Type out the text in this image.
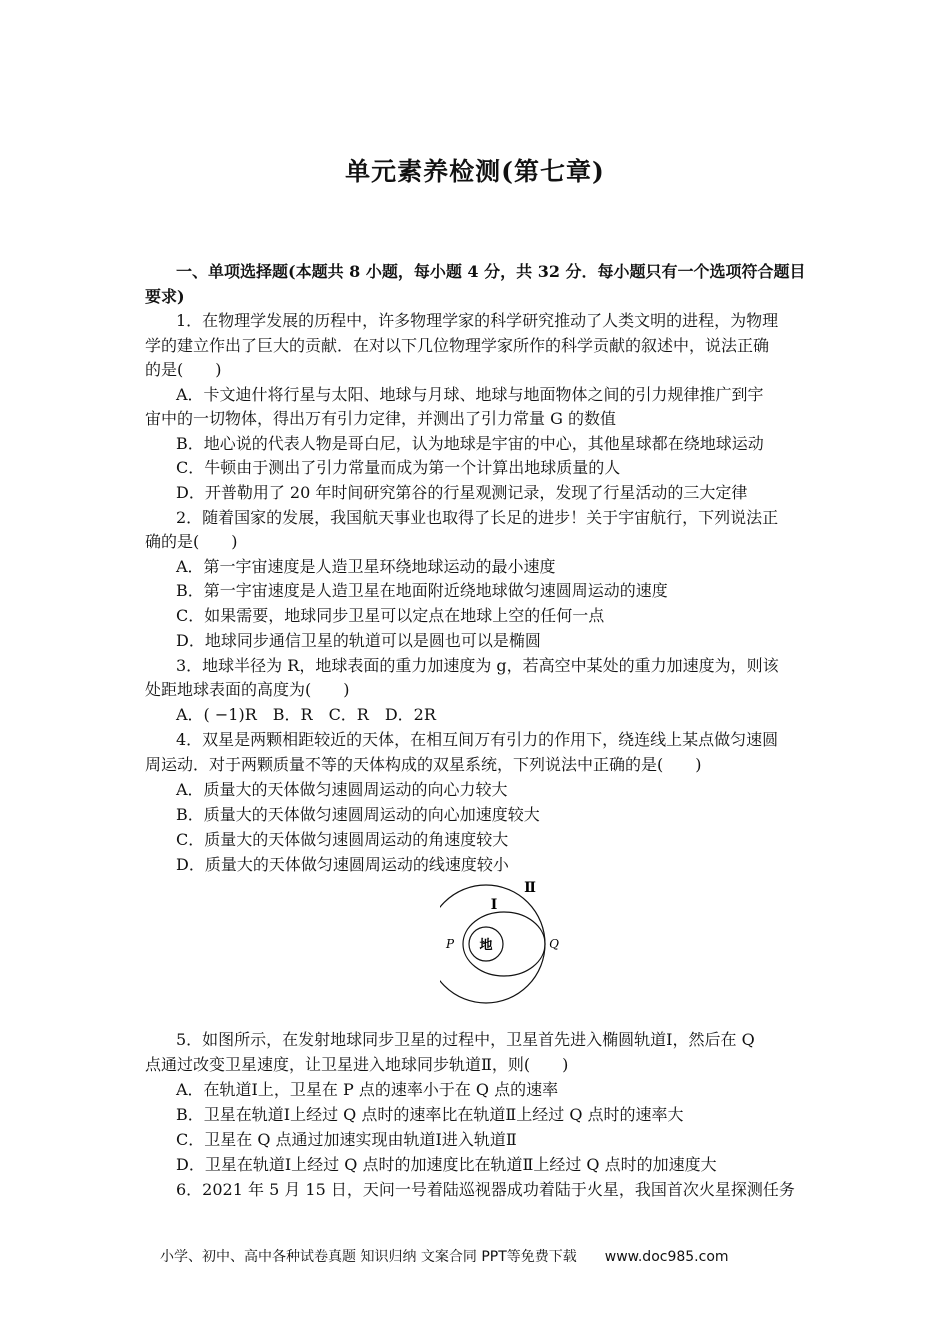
单元素养检测(第七章)
一、单项选择题(本题共 8 小题，每小题 4 分，共 32 分．每小题只有一个选项符合题目
要求)
1．在物理学发展的历程中，许多物理学家的科学研究推动了人类文明的进程，为物理
学的建立作出了巨大的贡献．在对以下几位物理学家所作的科学贡献的叙述中，说法正确
的是(　　)
A．卡文迪什将行星与太阳、地球与月球、地球与地面物体之间的引力规律推广到宇
宙中的一切物体，得出万有引力定律，并测出了引力常量 G 的数值
B．地心说的代表人物是哥白尼，认为地球是宇宙的中心，其他星球都在绕地球运动
C．牛顿由于测出了引力常量而成为第一个计算出地球质量的人
D．开普勒用了 20 年时间研究第谷的行星观测记录，发现了行星活动的三大定律
2．随着国家的发展，我国航天事业也取得了长足的进步！关于宇宙航行，下列说法正
确的是(　　)
A．第一宇宙速度是人造卫星环绕地球运动的最小速度
B．第一宇宙速度是人造卫星在地面附近绕地球做匀速圆周运动的速度
C．如果需要，地球同步卫星可以定点在地球上空的任何一点
D．地球同步通信卫星的轨道可以是圆也可以是椭圆
3．地球半径为 R，地球表面的重力加速度为 g，若高空中某处的重力加速度为，则该
处距地球表面的高度为(　　)
A．( −1)R　B．R　C．R　D．2R
4．双星是两颗相距较近的天体，在相互间万有引力的作用下，绕连线上某点做匀速圆
周运动．对于两颗质量不等的天体构成的双星系统，下列说法中正确的是(　　)
A．质量大的天体做匀速圆周运动的向心力较大
B．质量大的天体做匀速圆周运动的向心加速度较大
C．质量大的天体做匀速圆周运动的角速度较大
D．质量大的天体做匀速圆周运动的线速度较小
地
Ⅰ
Ⅱ
P	Q
5．如图所示，在发射地球同步卫星的过程中，卫星首先进入椭圆轨道Ⅰ，然后在 Q
点通过改变卫星速度，让卫星进入地球同步轨道Ⅱ，则(　　)
A．在轨道Ⅰ上，卫星在 P 点的速率小于在 Q 点的速率
B．卫星在轨道Ⅰ上经过 Q 点时的速率比在轨道Ⅱ上经过 Q 点时的速率大
C．卫星在 Q 点通过加速实现由轨道Ⅰ进入轨道Ⅱ
D．卫星在轨道Ⅰ上经过 Q 点时的加速度比在轨道Ⅱ上经过 Q 点时的加速度大
6．2021 年 5 月 15 日，天问一号着陆巡视器成功着陆于火星，我国首次火星探测任务
小学、初中、高中各种试卷真题 知识归纳 文案合同 PPT等免费下载　　www.doc985.com
